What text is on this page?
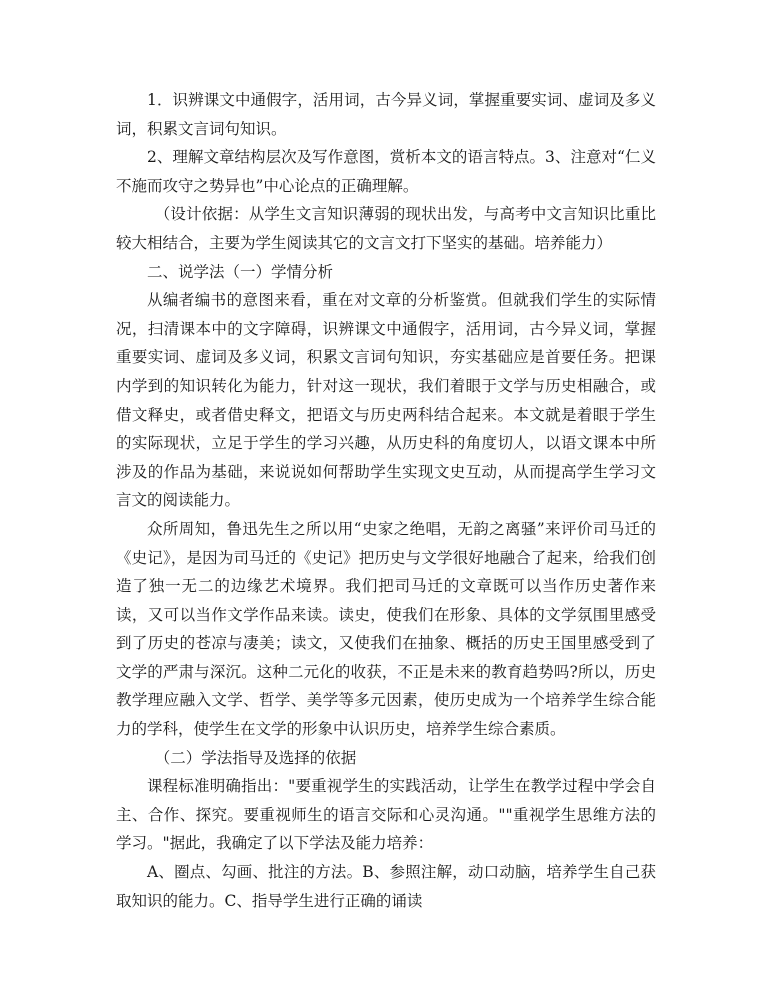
1．识辨课文中通假字，活用词，古今异义词，掌握重要实词、虚词及多义词，积累文言词句知识。

2、理解文章结构层次及写作意图，赏析本文的语言特点。3、注意对“仁义不施而攻守之势异也”中心论点的正确理解。

（设计依据：从学生文言知识薄弱的现状出发，与高考中文言知识比重比较大相结合，主要为学生阅读其它的文言文打下坚实的基础。培养能力）

二、说学法（一）学情分析

从编者编书的意图来看，重在对文章的分析鉴赏。但就我们学生的实际情况，扫清课本中的文字障碍，识辨课文中通假字，活用词，古今异义词，掌握重要实词、虚词及多义词，积累文言词句知识，夯实基础应是首要任务。把课内学到的知识转化为能力，针对这一现状，我们着眼于文学与历史相融合，或借文释史，或者借史释文，把语文与历史两科结合起来。本文就是着眼于学生的实际现状，立足于学生的学习兴趣，从历史科的角度切人，以语文课本中所涉及的作品为基础，来说说如何帮助学生实现文史互动，从而提高学生学习文言文的阅读能力。

众所周知，鲁迅先生之所以用“史家之绝唱，无韵之离骚”来评价司马迁的《史记》，是因为司马迁的《史记》把历史与文学很好地融合了起来，给我们创造了独一无二的边缘艺术境界。我们把司马迁的文章既可以当作历史著作来读，又可以当作文学作品来读。读史，使我们在形象、具体的文学氛围里感受到了历史的苍凉与凄美；读文，又使我们在抽象、概括的历史王国里感受到了文学的严肃与深沉。这种二元化的收获，不正是未来的教育趋势吗?所以，历史教学理应融入文学、哲学、美学等多元因素，使历史成为一个培养学生综合能力的学科，使学生在文学的形象中认识历史，培养学生综合素质。

（二）学法指导及选择的依据

课程标准明确指出："要重视学生的实践活动，让学生在教学过程中学会自主、合作、探究。要重视师生的语言交际和心灵沟通。""重视学生思维方法的学习。"据此，我确定了以下学法及能力培养：

A、圈点、勾画、批注的方法。B、参照注解，动口动脑，培养学生自己获取知识的能力。C、指导学生进行正确的诵读
